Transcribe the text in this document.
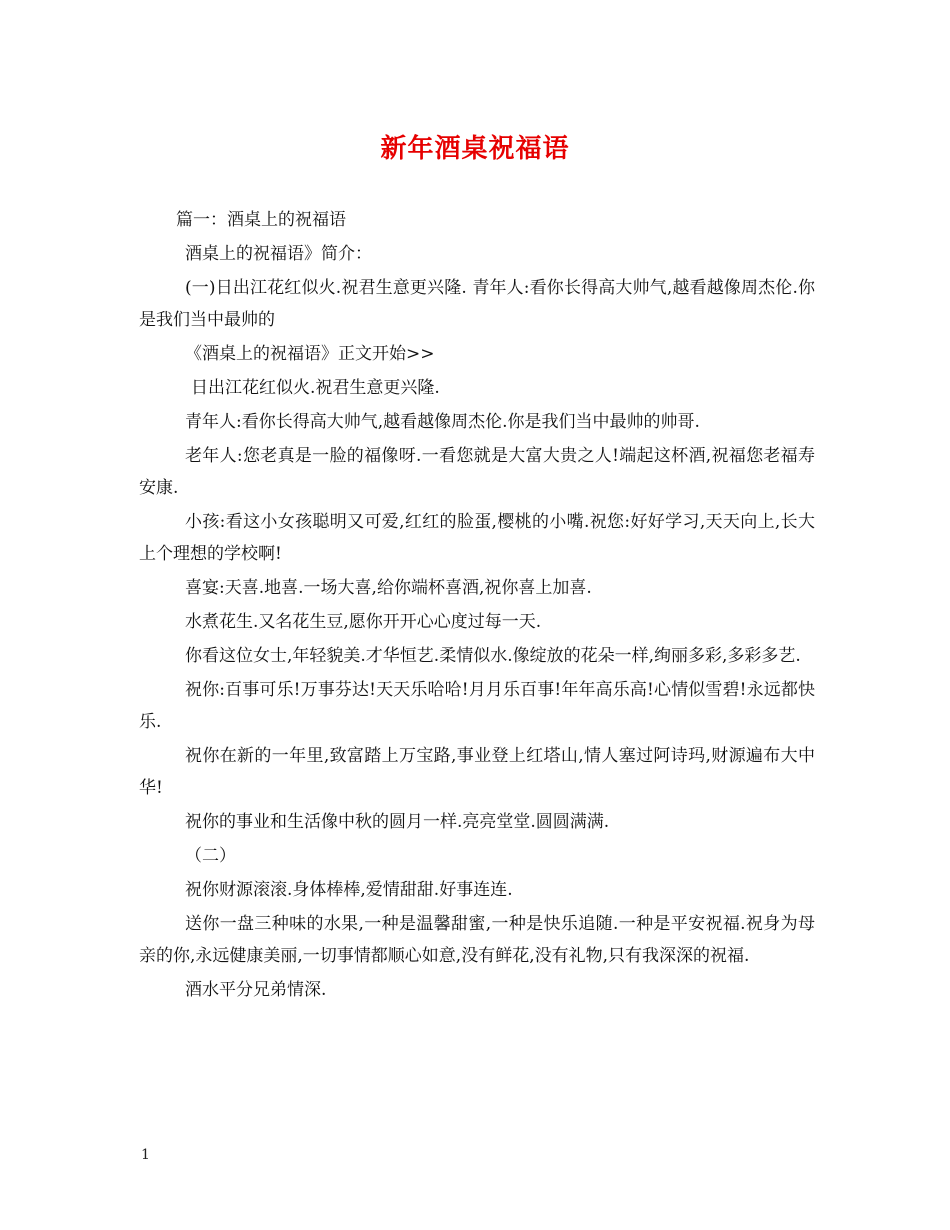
新年酒桌祝福语

篇一：酒桌上的祝福语

酒桌上的祝福语》简介：

(一)日出江花红似火.祝君生意更兴隆. 青年人:看你长得高大帅气,越看越像周杰伦.你是我们当中最帅的

《酒桌上的祝福语》正文开始>>

日出江花红似火.祝君生意更兴隆.

青年人:看你长得高大帅气,越看越像周杰伦.你是我们当中最帅的帅哥.

老年人:您老真是一脸的福像呀.一看您就是大富大贵之人!端起这杯酒,祝福您老福寿安康.

小孩:看这小女孩聪明又可爱,红红的脸蛋,樱桃的小嘴.祝您:好好学习,天天向上,长大上个理想的学校啊!

喜宴:天喜.地喜.一场大喜,给你端杯喜酒,祝你喜上加喜.

水煮花生.又名花生豆,愿你开开心心度过每一天.

你看这位女士,年轻貌美.才华恒艺.柔情似水.像绽放的花朵一样,绚丽多彩,多彩多艺.

祝你:百事可乐!万事芬达!天天乐哈哈!月月乐百事!年年高乐高!心情似雪碧!永远都快乐.

祝你在新的一年里,致富踏上万宝路,事业登上红塔山,情人塞过阿诗玛,财源遍布大中华!

祝你的事业和生活像中秋的圆月一样.亮亮堂堂.圆圆满满.

（二）

祝你财源滚滚.身体棒棒,爱情甜甜.好事连连.

送你一盘三种味的水果,一种是温馨甜蜜,一种是快乐追随.一种是平安祝福.祝身为母亲的你,永远健康美丽,一切事情都顺心如意,没有鲜花,没有礼物,只有我深深的祝福.

酒水平分兄弟情深.

1
